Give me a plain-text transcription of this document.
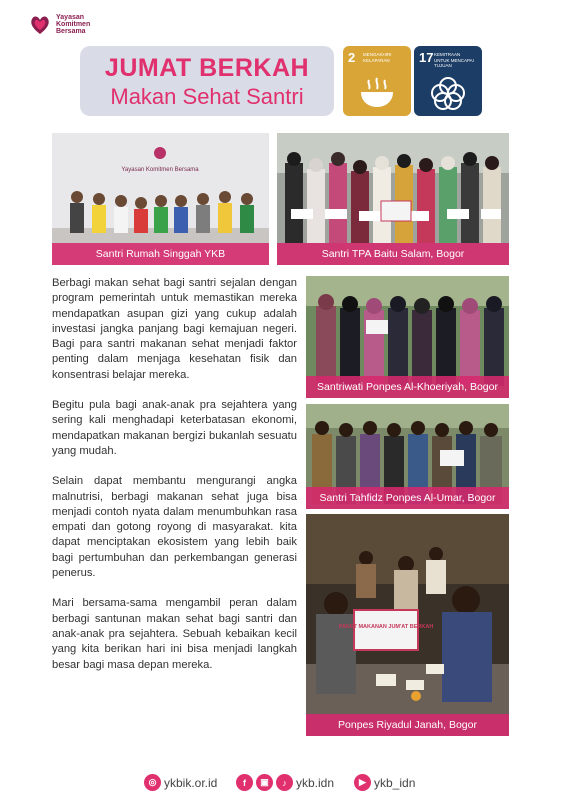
Yayasan
Komitmen
Bersama
JUMAT BERKAH
Makan Sehat Santri
2 MENGAKHIRI KELAPARAN	17 KEMITRAAN UNTUK MENCAPAI TUJUAN
Yayasan Komitmen Bersama
Santri Rumah Singgah YKB	Santri TPA Baitu Salam, Bogor
Santriwati Ponpes Al-Khoeriyah, Bogor
Santri Tahfidz Ponpes Al-Umar, Bogor
PAKET MAKANAN JUM'AT BERKAH
Ponpes Riyadul Janah, Bogor

Berbagi makan sehat bagi santri sejalan dengan program pemerintah untuk memastikan mereka mendapatkan asupan gizi yang cukup adalah investasi jangka panjang bagi kemajuan negeri. Bagi para santri makanan sehat menjadi faktor penting dalam menjaga kesehatan fisik dan konsentrasi belajar mereka.

Begitu pula bagi anak-anak pra sejahtera yang sering kali menghadapi keterbatasan ekonomi, mendapatkan makanan bergizi bukanlah sesuatu yang mudah.

Selain dapat membantu mengurangi angka malnutrisi, berbagi makanan sehat juga bisa menjadi contoh nyata dalam menumbuhkan rasa empati dan gotong royong di masyarakat. kita dapat menciptakan ekosistem yang lebih baik bagi pertumbuhan dan perkembangan generasi penerus.

Mari bersama-sama mengambil peran dalam berbagi santunan makan sehat bagi santri dan anak-anak pra sejahtera. Sebuah kebaikan kecil yang kita berikan hari ini bisa menjadi langkah besar bagi masa depan mereka.

◎ ykbik.or.id	f	▣	♪ ykb.idn	▶ ykb_idn
